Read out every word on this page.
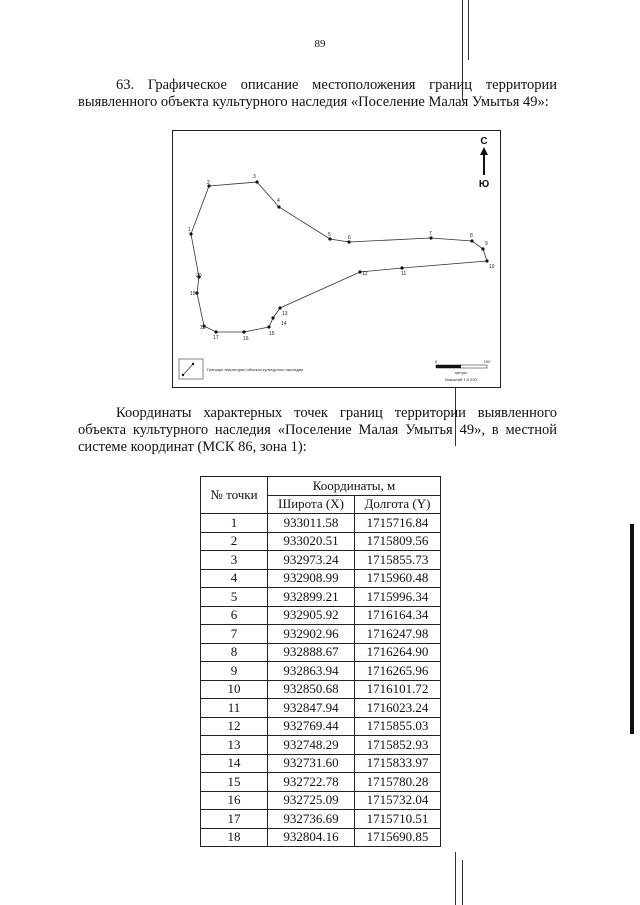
89
63. Графическое описание местоположения границ территории выявленного объекта культурного наследия «Поселение Малая Умытья 49»:
1
2
3
4
5	6
7	8
9
10
11
12
13
14
15
16
17
18
19
20
С
Ю
Границы территории объекта культурного наследия
0	100
метры
Масштаб 1:3 220
Координаты характерных точек границ территории выявленного объекта культурного наследия «Поселение Малая Умытья 49», в местной системе координат (МСК 86, зона 1):
№ точки	Координаты, м	
	Широта (X)	Долгота (Y)
1	933011.58	1715716.84
2	933020.51	1715809.56
3	932973.24	1715855.73
4	932908.99	1715960.48
5	932899.21	1715996.34
6	932905.92	1716164.34
7	932902.96	1716247.98
8	932888.67	1716264.90
9	932863.94	1716265.96
10	932850.68	1716101.72
11	932847.94	1716023.24
12	932769.44	1715855.03
13	932748.29	1715852.93
14	932731.60	1715833.97
15	932722.78	1715780.28
16	932725.09	1715732.04
17	932736.69	1715710.51
18	932804.16	1715690.85
